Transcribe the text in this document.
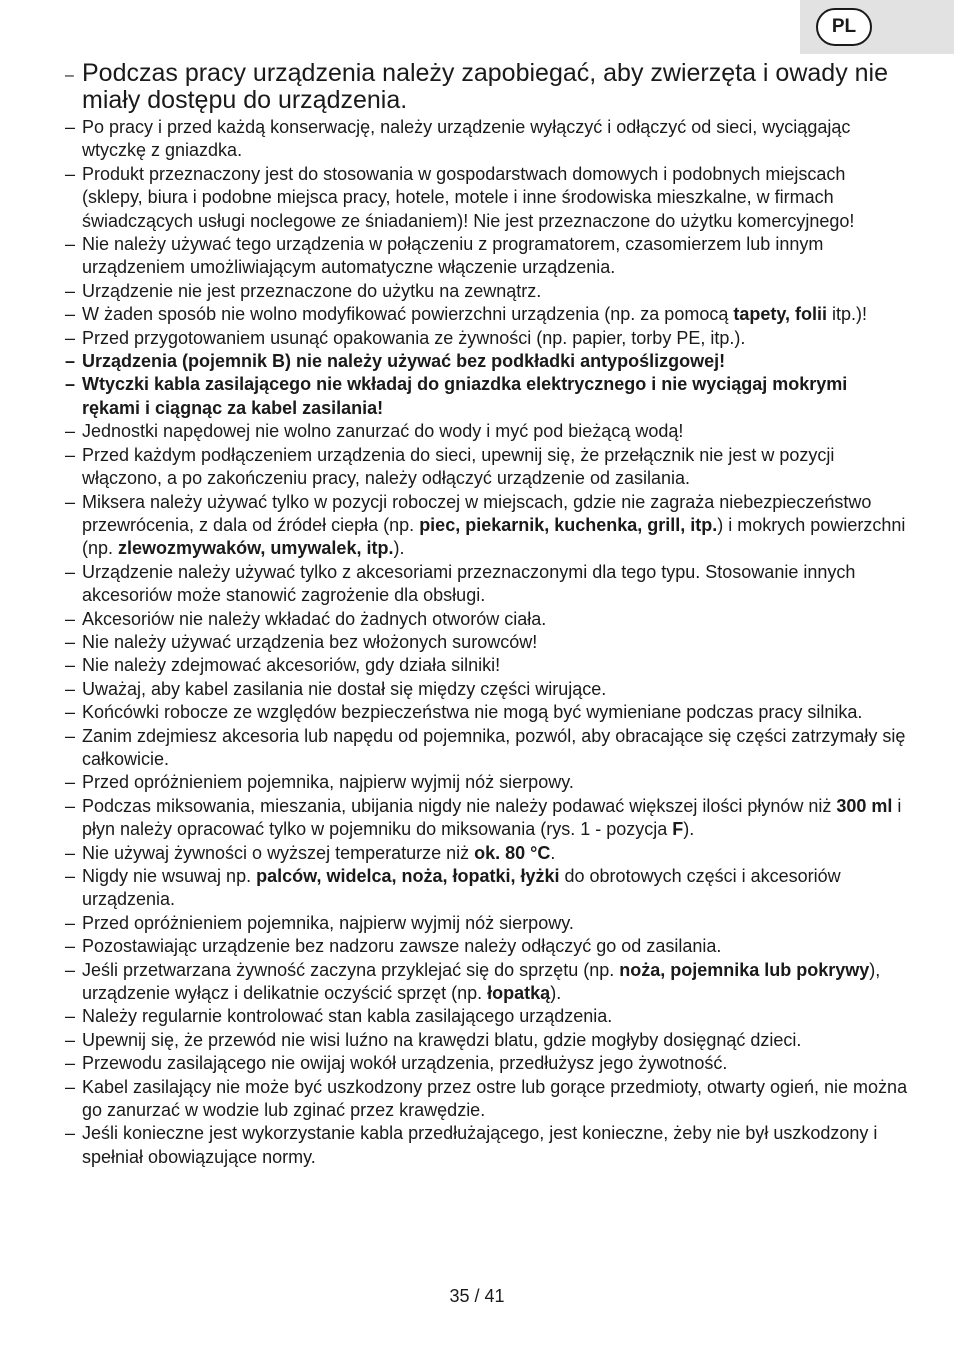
PL
– Podczas pracy urządzenia należy zapobiegać, aby zwierzęta i owady nie miały dostępu do urządzenia.
– Po pracy i przed każdą konserwację, należy urządzenie wyłączyć i odłączyć od sieci, wyciągając wtyczkę z gniazdka.
– Produkt przeznaczony jest do stosowania w gospodarstwach domowych i podobnych miejscach (sklepy, biura i podobne miejsca pracy, hotele, motele i inne środowiska mieszkalne, w firmach świadczących usługi noclegowe ze śniadaniem)! Nie jest przeznaczone do użytku komercyjnego!
– Nie należy używać tego urządzenia w połączeniu z programatorem, czasomierzem lub innym urządzeniem umożliwiającym automatyczne włączenie urządzenia.
– Urządzenie nie jest przeznaczone do użytku na zewnątrz.
– W żaden sposób nie wolno modyfikować powierzchni urządzenia (np. za pomocą tapety, folii itp.)!
– Przed przygotowaniem usunąć opakowania ze żywności (np. papier, torby PE, itp.).
– Urządzenia (pojemnik B) nie należy używać bez podkładki antypoślizgowej!
– Wtyczki kabla zasilającego nie wkładaj do gniazdka elektrycznego i nie wyciągaj mokrymi rękami i ciągnąc za kabel zasilania!
– Jednostki napędowej nie wolno zanurzać do wody i myć pod bieżącą wodą!
– Przed każdym podłączeniem urządzenia do sieci, upewnij się, że przełącznik nie jest w pozycji włączono, a po zakończeniu pracy, należy odłączyć urządzenie od zasilania.
– Miksera należy używać tylko w pozycji roboczej w miejscach, gdzie nie zagraża niebezpieczeństwo przewrócenia, z dala od źródeł ciepła (np. piec, piekarnik, kuchenka, grill, itp.) i mokrych powierzchni (np. zlewozmywaków, umywalek, itp.).
– Urządzenie należy używać tylko z akcesoriami przeznaczonymi dla tego typu. Stosowanie innych akcesoriów może stanowić zagrożenie dla obsługi.
– Akcesoriów nie należy wkładać do żadnych otworów ciała.
– Nie należy używać urządzenia bez włożonych surowców!
– Nie należy zdejmować akcesoriów, gdy działa silniki!
– Uważaj, aby kabel zasilania nie dostał się między części wirujące.
– Końcówki robocze ze względów bezpieczeństwa nie mogą być wymieniane podczas pracy silnika.
– Zanim zdejmiesz akcesoria lub napędu od pojemnika, pozwól, aby obracające się części zatrzymały się całkowicie.
– Przed opróżnieniem pojemnika, najpierw wyjmij nóż sierpowy.
– Podczas miksowania, mieszania, ubijania nigdy nie należy podawać większej ilości płynów niż 300 ml i płyn należy opracować tylko w pojemniku do miksowania (rys. 1 - pozycja F).
– Nie używaj żywności o wyższej temperaturze niż ok. 80 °C.
– Nigdy nie wsuwaj np. palców, widelca, noża, łopatki, łyżki do obrotowych części i akcesoriów urządzenia.
– Przed opróżnieniem pojemnika, najpierw wyjmij nóż sierpowy.
– Pozostawiając urządzenie bez nadzoru zawsze należy odłączyć go od zasilania.
– Jeśli przetwarzana żywność zaczyna przyklejać się do sprzętu (np. noża, pojemnika lub pokrywy), urządzenie wyłącz i delikatnie oczyścić sprzęt (np. łopatką).
– Należy regularnie kontrolować stan kabla zasilającego urządzenia.
– Upewnij się, że przewód nie wisi luźno na krawędzi blatu, gdzie mogłyby dosięgnąć dzieci.
– Przewodu zasilającego nie owijaj wokół urządzenia, przedłużysz jego żywotność.
– Kabel zasilający nie może być uszkodzony przez ostre lub gorące przedmioty, otwarty ogień, nie można go zanurzać w wodzie lub zginać przez krawędzie.
– Jeśli konieczne jest wykorzystanie kabla przedłużającego, jest konieczne, żeby nie był uszkodzony i spełniał obowiązujące normy.
35 / 41
